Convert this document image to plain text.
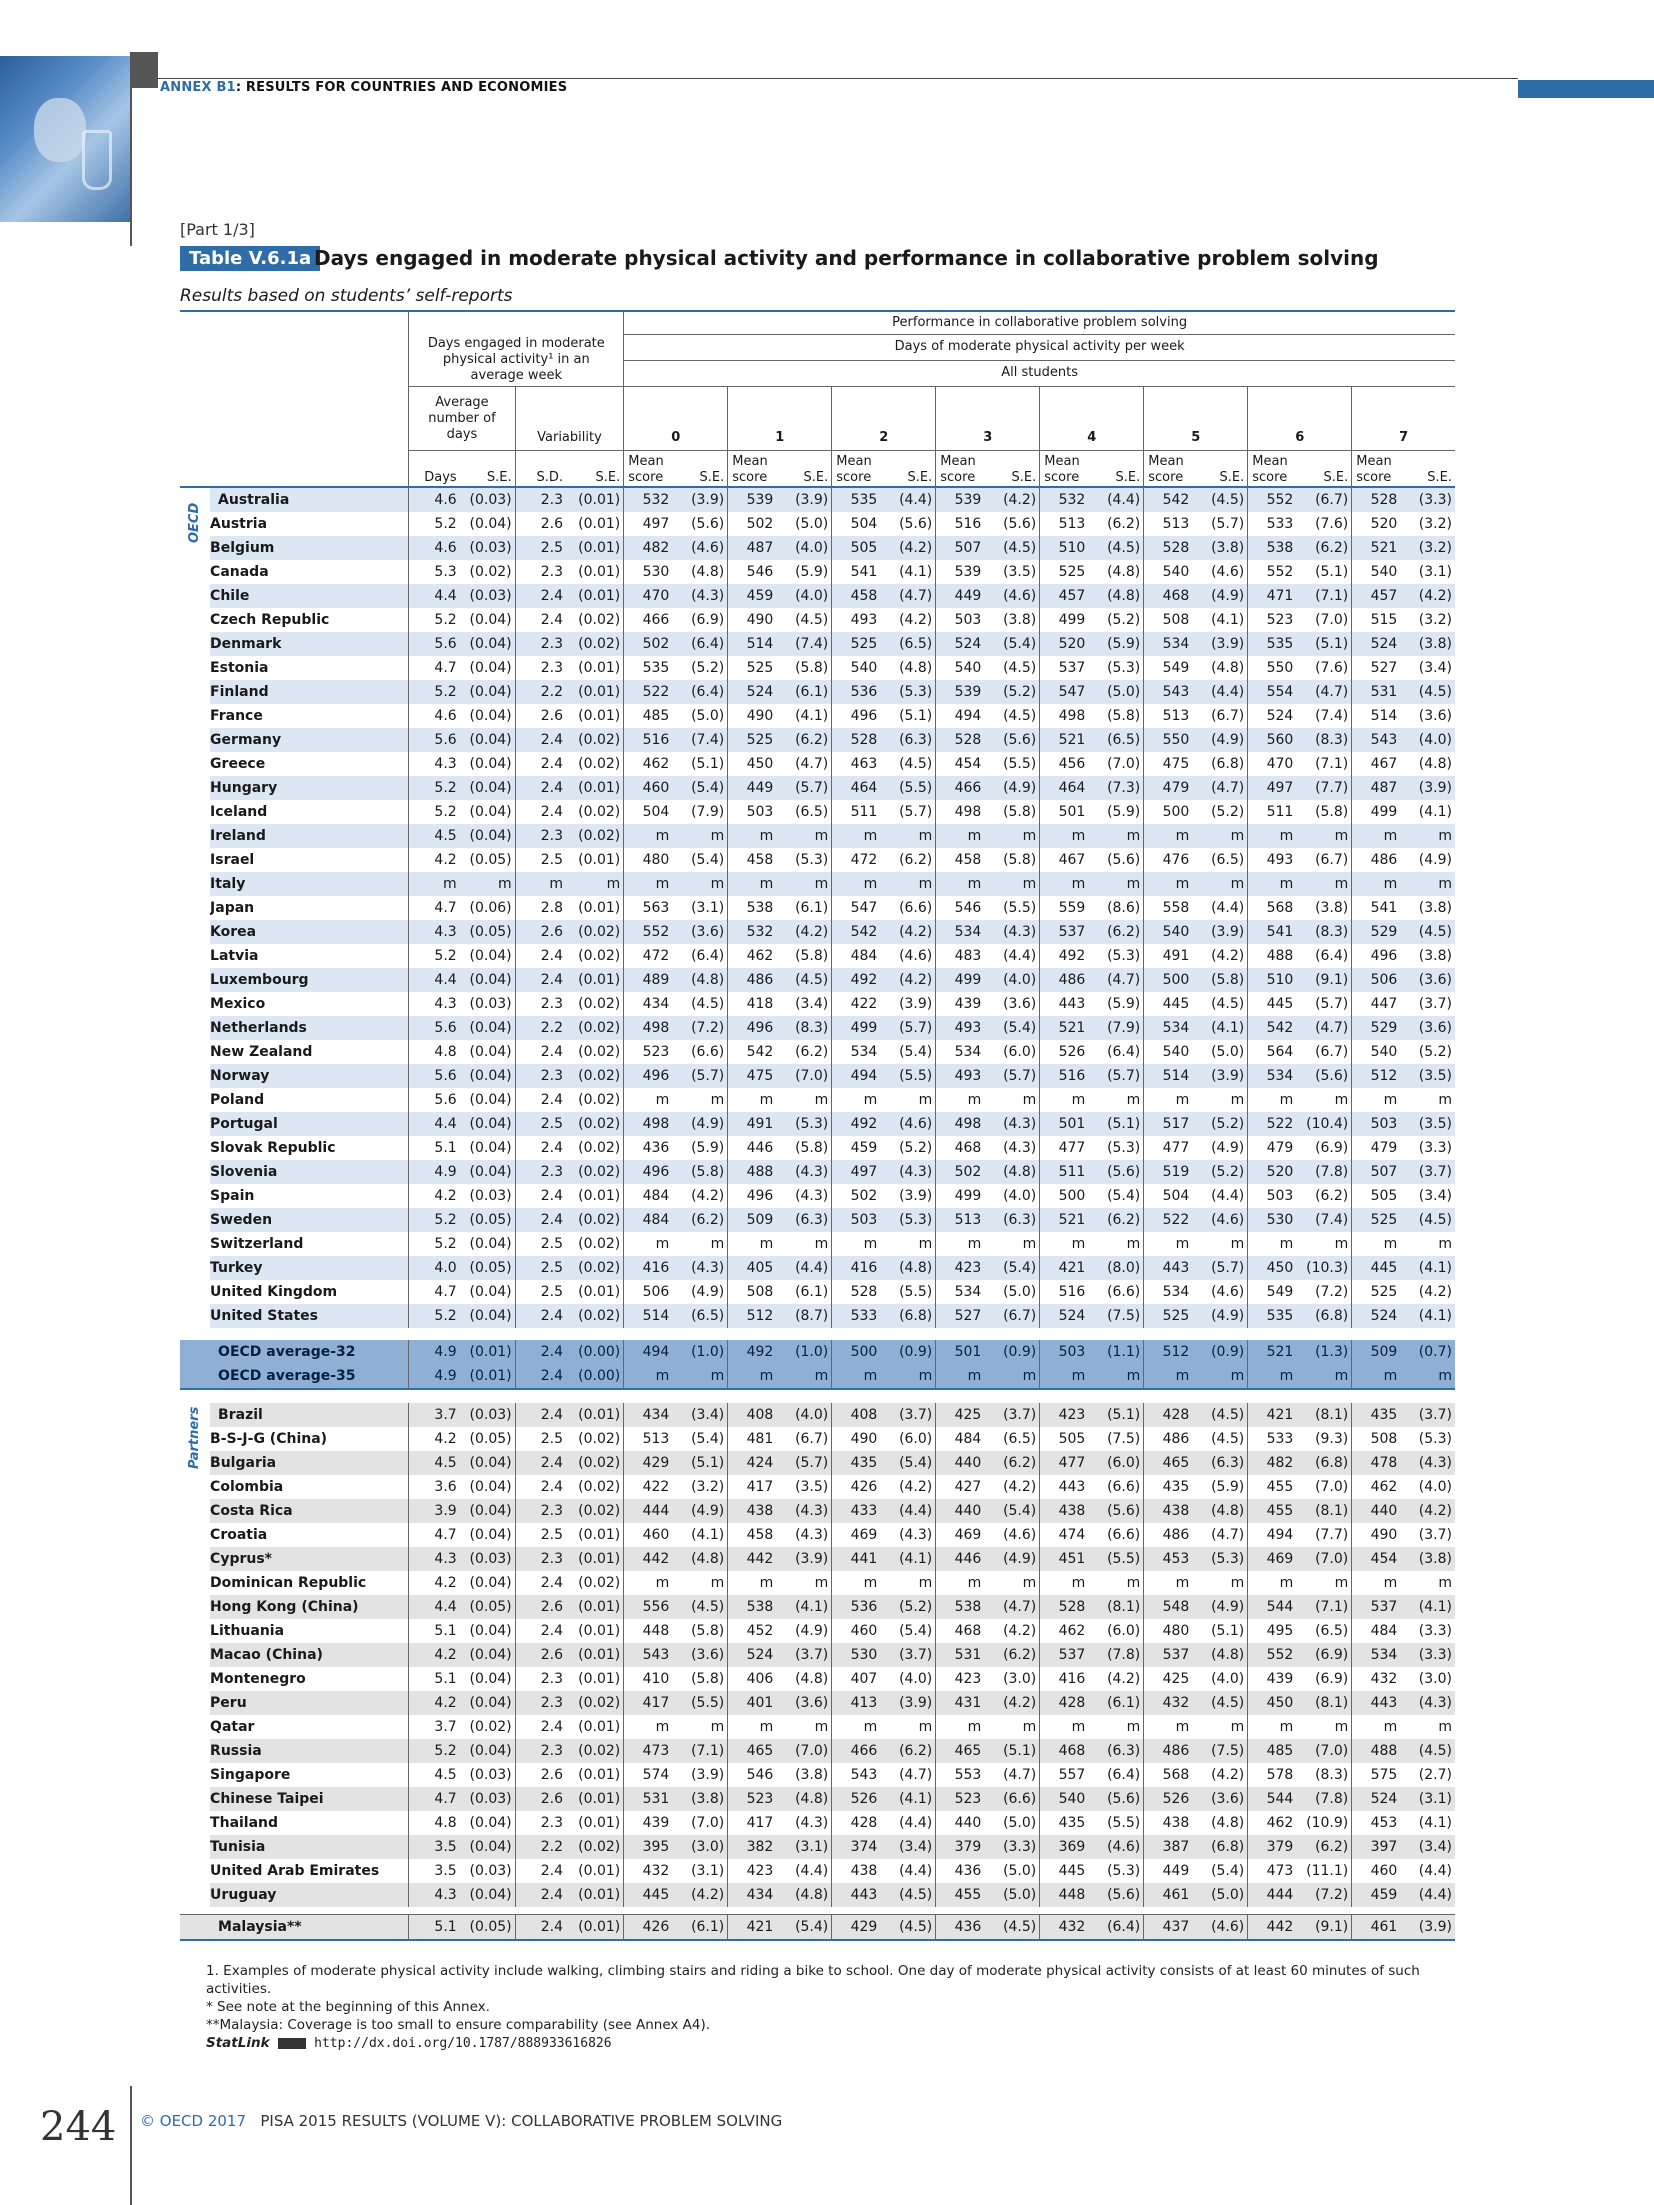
ANNEX B1: RESULTS FOR COUNTRIES AND ECONOMIES
[Part 1/3]
Table V.6.1a Days engaged in moderate physical activity and performance in collaborative problem solving
Results based on students’ self-reports
						Performance in collaborative problem solving															
		Days engaged in moderate physical activity¹ in an average week				Days of moderate physical activity per week															
						All students															
		Average number of days		Variability		0		1		2		3		4		5		6		7	
		Days	S.E.	S.D.	S.E.	Mean score	S.E.	Mean score	S.E.	Mean score	S.E.	Mean score	S.E.	Mean score	S.E.	Mean score	S.E.	Mean score	S.E.	Mean score	S.E.

OECD	Australia	4.6	(0.03)	2.3	(0.01)	532	(3.9)	539	(3.9)	535	(4.4)	539	(4.2)	532	(4.4)	542	(4.5)	552	(6.7)	528	(3.3)
	Austria	5.2	(0.04)	2.6	(0.01)	497	(5.6)	502	(5.0)	504	(5.6)	516	(5.6)	513	(6.2)	513	(5.7)	533	(7.6)	520	(3.2)
	Belgium	4.6	(0.03)	2.5	(0.01)	482	(4.6)	487	(4.0)	505	(4.2)	507	(4.5)	510	(4.5)	528	(3.8)	538	(6.2)	521	(3.2)
	Canada	5.3	(0.02)	2.3	(0.01)	530	(4.8)	546	(5.9)	541	(4.1)	539	(3.5)	525	(4.8)	540	(4.6)	552	(5.1)	540	(3.1)
	Chile	4.4	(0.03)	2.4	(0.01)	470	(4.3)	459	(4.0)	458	(4.7)	449	(4.6)	457	(4.8)	468	(4.9)	471	(7.1)	457	(4.2)
	Czech Republic	5.2	(0.04)	2.4	(0.02)	466	(6.9)	490	(4.5)	493	(4.2)	503	(3.8)	499	(5.2)	508	(4.1)	523	(7.0)	515	(3.2)
	Denmark	5.6	(0.04)	2.3	(0.02)	502	(6.4)	514	(7.4)	525	(6.5)	524	(5.4)	520	(5.9)	534	(3.9)	535	(5.1)	524	(3.8)
	Estonia	4.7	(0.04)	2.3	(0.01)	535	(5.2)	525	(5.8)	540	(4.8)	540	(4.5)	537	(5.3)	549	(4.8)	550	(7.6)	527	(3.4)
	Finland	5.2	(0.04)	2.2	(0.01)	522	(6.4)	524	(6.1)	536	(5.3)	539	(5.2)	547	(5.0)	543	(4.4)	554	(4.7)	531	(4.5)
	France	4.6	(0.04)	2.6	(0.01)	485	(5.0)	490	(4.1)	496	(5.1)	494	(4.5)	498	(5.8)	513	(6.7)	524	(7.4)	514	(3.6)
	Germany	5.6	(0.04)	2.4	(0.02)	516	(7.4)	525	(6.2)	528	(6.3)	528	(5.6)	521	(6.5)	550	(4.9)	560	(8.3)	543	(4.0)
	Greece	4.3	(0.04)	2.4	(0.02)	462	(5.1)	450	(4.7)	463	(4.5)	454	(5.5)	456	(7.0)	475	(6.8)	470	(7.1)	467	(4.8)
	Hungary	5.2	(0.04)	2.4	(0.01)	460	(5.4)	449	(5.7)	464	(5.5)	466	(4.9)	464	(7.3)	479	(4.7)	497	(7.7)	487	(3.9)
	Iceland	5.2	(0.04)	2.4	(0.02)	504	(7.9)	503	(6.5)	511	(5.7)	498	(5.8)	501	(5.9)	500	(5.2)	511	(5.8)	499	(4.1)
	Ireland	4.5	(0.04)	2.3	(0.02)	m	m	m	m	m	m	m	m	m	m	m	m	m	m	m	m
	Israel	4.2	(0.05)	2.5	(0.01)	480	(5.4)	458	(5.3)	472	(6.2)	458	(5.8)	467	(5.6)	476	(6.5)	493	(6.7)	486	(4.9)
	Italy	m	m	m	m	m	m	m	m	m	m	m	m	m	m	m	m	m	m	m	m
	Japan	4.7	(0.06)	2.8	(0.01)	563	(3.1)	538	(6.1)	547	(6.6)	546	(5.5)	559	(8.6)	558	(4.4)	568	(3.8)	541	(3.8)
	Korea	4.3	(0.05)	2.6	(0.02)	552	(3.6)	532	(4.2)	542	(4.2)	534	(4.3)	537	(6.2)	540	(3.9)	541	(8.3)	529	(4.5)
	Latvia	5.2	(0.04)	2.4	(0.02)	472	(6.4)	462	(5.8)	484	(4.6)	483	(4.4)	492	(5.3)	491	(4.2)	488	(6.4)	496	(3.8)
	Luxembourg	4.4	(0.04)	2.4	(0.01)	489	(4.8)	486	(4.5)	492	(4.2)	499	(4.0)	486	(4.7)	500	(5.8)	510	(9.1)	506	(3.6)
	Mexico	4.3	(0.03)	2.3	(0.02)	434	(4.5)	418	(3.4)	422	(3.9)	439	(3.6)	443	(5.9)	445	(4.5)	445	(5.7)	447	(3.7)
	Netherlands	5.6	(0.04)	2.2	(0.02)	498	(7.2)	496	(8.3)	499	(5.7)	493	(5.4)	521	(7.9)	534	(4.1)	542	(4.7)	529	(3.6)
	New Zealand	4.8	(0.04)	2.4	(0.02)	523	(6.6)	542	(6.2)	534	(5.4)	534	(6.0)	526	(6.4)	540	(5.0)	564	(6.7)	540	(5.2)
	Norway	5.6	(0.04)	2.3	(0.02)	496	(5.7)	475	(7.0)	494	(5.5)	493	(5.7)	516	(5.7)	514	(3.9)	534	(5.6)	512	(3.5)
	Poland	5.6	(0.04)	2.4	(0.02)	m	m	m	m	m	m	m	m	m	m	m	m	m	m	m	m
	Portugal	4.4	(0.04)	2.5	(0.02)	498	(4.9)	491	(5.3)	492	(4.6)	498	(4.3)	501	(5.1)	517	(5.2)	522	(10.4)	503	(3.5)
	Slovak Republic	5.1	(0.04)	2.4	(0.02)	436	(5.9)	446	(5.8)	459	(5.2)	468	(4.3)	477	(5.3)	477	(4.9)	479	(6.9)	479	(3.3)
	Slovenia	4.9	(0.04)	2.3	(0.02)	496	(5.8)	488	(4.3)	497	(4.3)	502	(4.8)	511	(5.6)	519	(5.2)	520	(7.8)	507	(3.7)
	Spain	4.2	(0.03)	2.4	(0.01)	484	(4.2)	496	(4.3)	502	(3.9)	499	(4.0)	500	(5.4)	504	(4.4)	503	(6.2)	505	(3.4)
	Sweden	5.2	(0.05)	2.4	(0.02)	484	(6.2)	509	(6.3)	503	(5.3)	513	(6.3)	521	(6.2)	522	(4.6)	530	(7.4)	525	(4.5)
	Switzerland	5.2	(0.04)	2.5	(0.02)	m	m	m	m	m	m	m	m	m	m	m	m	m	m	m	m
	Turkey	4.0	(0.05)	2.5	(0.02)	416	(4.3)	405	(4.4)	416	(4.8)	423	(5.4)	421	(8.0)	443	(5.7)	450	(10.3)	445	(4.1)
	United Kingdom	4.7	(0.04)	2.5	(0.01)	506	(4.9)	508	(6.1)	528	(5.5)	534	(5.0)	516	(6.6)	534	(4.6)	549	(7.2)	525	(4.2)
	United States	5.2	(0.04)	2.4	(0.02)	514	(6.5)	512	(8.7)	533	(6.8)	527	(6.7)	524	(7.5)	525	(4.9)	535	(6.8)	524	(4.1)

	OECD average-32	4.9	(0.01)	2.4	(0.00)	494	(1.0)	492	(1.0)	500	(0.9)	501	(0.9)	503	(1.1)	512	(0.9)	521	(1.3)	509	(0.7)
	OECD average-35	4.9	(0.01)	2.4	(0.00)	m	m	m	m	m	m	m	m	m	m	m	m	m	m	m	m

Partners	Brazil	3.7	(0.03)	2.4	(0.01)	434	(3.4)	408	(4.0)	408	(3.7)	425	(3.7)	423	(5.1)	428	(4.5)	421	(8.1)	435	(3.7)
	B-S-J-G (China)	4.2	(0.05)	2.5	(0.02)	513	(5.4)	481	(6.7)	490	(6.0)	484	(6.5)	505	(7.5)	486	(4.5)	533	(9.3)	508	(5.3)
	Bulgaria	4.5	(0.04)	2.4	(0.02)	429	(5.1)	424	(5.7)	435	(5.4)	440	(6.2)	477	(6.0)	465	(6.3)	482	(6.8)	478	(4.3)
	Colombia	3.6	(0.04)	2.4	(0.02)	422	(3.2)	417	(3.5)	426	(4.2)	427	(4.2)	443	(6.6)	435	(5.9)	455	(7.0)	462	(4.0)
	Costa Rica	3.9	(0.04)	2.3	(0.02)	444	(4.9)	438	(4.3)	433	(4.4)	440	(5.4)	438	(5.6)	438	(4.8)	455	(8.1)	440	(4.2)
	Croatia	4.7	(0.04)	2.5	(0.01)	460	(4.1)	458	(4.3)	469	(4.3)	469	(4.6)	474	(6.6)	486	(4.7)	494	(7.7)	490	(3.7)
	Cyprus*	4.3	(0.03)	2.3	(0.01)	442	(4.8)	442	(3.9)	441	(4.1)	446	(4.9)	451	(5.5)	453	(5.3)	469	(7.0)	454	(3.8)
	Dominican Republic	4.2	(0.04)	2.4	(0.02)	m	m	m	m	m	m	m	m	m	m	m	m	m	m	m	m
	Hong Kong (China)	4.4	(0.05)	2.6	(0.01)	556	(4.5)	538	(4.1)	536	(5.2)	538	(4.7)	528	(8.1)	548	(4.9)	544	(7.1)	537	(4.1)
	Lithuania	5.1	(0.04)	2.4	(0.01)	448	(5.8)	452	(4.9)	460	(5.4)	468	(4.2)	462	(6.0)	480	(5.1)	495	(6.5)	484	(3.3)
	Macao (China)	4.2	(0.04)	2.6	(0.01)	543	(3.6)	524	(3.7)	530	(3.7)	531	(6.2)	537	(7.8)	537	(4.8)	552	(6.9)	534	(3.3)
	Montenegro	5.1	(0.04)	2.3	(0.01)	410	(5.8)	406	(4.8)	407	(4.0)	423	(3.0)	416	(4.2)	425	(4.0)	439	(6.9)	432	(3.0)
	Peru	4.2	(0.04)	2.3	(0.02)	417	(5.5)	401	(3.6)	413	(3.9)	431	(4.2)	428	(6.1)	432	(4.5)	450	(8.1)	443	(4.3)
	Qatar	3.7	(0.02)	2.4	(0.01)	m	m	m	m	m	m	m	m	m	m	m	m	m	m	m	m
	Russia	5.2	(0.04)	2.3	(0.02)	473	(7.1)	465	(7.0)	466	(6.2)	465	(5.1)	468	(6.3)	486	(7.5)	485	(7.0)	488	(4.5)
	Singapore	4.5	(0.03)	2.6	(0.01)	574	(3.9)	546	(3.8)	543	(4.7)	553	(4.7)	557	(6.4)	568	(4.2)	578	(8.3)	575	(2.7)
	Chinese Taipei	4.7	(0.03)	2.6	(0.01)	531	(3.8)	523	(4.8)	526	(4.1)	523	(6.6)	540	(5.6)	526	(3.6)	544	(7.8)	524	(3.1)
	Thailand	4.8	(0.04)	2.3	(0.01)	439	(7.0)	417	(4.3)	428	(4.4)	440	(5.0)	435	(5.5)	438	(4.8)	462	(10.9)	453	(4.1)
	Tunisia	3.5	(0.04)	2.2	(0.02)	395	(3.0)	382	(3.1)	374	(3.4)	379	(3.3)	369	(4.6)	387	(6.8)	379	(6.2)	397	(3.4)
	United Arab Emirates	3.5	(0.03)	2.4	(0.01)	432	(3.1)	423	(4.4)	438	(4.4)	436	(5.0)	445	(5.3)	449	(5.4)	473	(11.1)	460	(4.4)
	Uruguay	4.3	(0.04)	2.4	(0.01)	445	(4.2)	434	(4.8)	443	(4.5)	455	(5.0)	448	(5.6)	461	(5.0)	444	(7.2)	459	(4.4)

	Malaysia**	5.1	(0.05)	2.4	(0.01)	426	(6.1)	421	(5.4)	429	(4.5)	436	(4.5)	432	(6.4)	437	(4.6)	442	(9.1)	461	(3.9)
1. Examples of moderate physical activity include walking, climbing stairs and riding a bike to school. One day of moderate physical activity consists of at least 60 minutes of such activities.
* See note at the beginning of this Annex.
**Malaysia: Coverage is too small to ensure comparability (see Annex A4).
StatLink	http://dx.doi.org/10.1787/888933616826
244 © OECD 2017 PISA 2015 RESULTS (VOLUME V): COLLABORATIVE PROBLEM SOLVING
